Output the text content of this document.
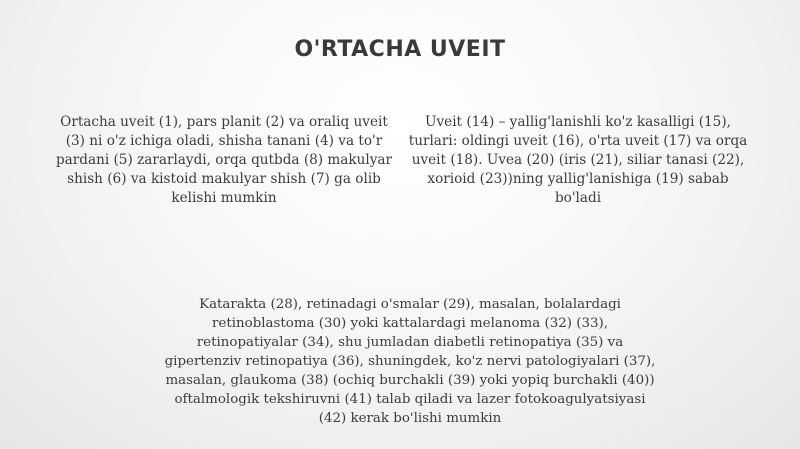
O'RTACHA UVEIT
Ortacha uveit (1), pars planit (2) va oraliq uveit (3) ni o'z ichiga oladi, shisha tanani (4) va to'r pardani (5) zararlaydi, orqa qutbda (8) makulyar shish (6) va kistoid makulyar shish (7) ga olib kelishi mumkin
Uveit (14) – yallig'lanishli ko'z kasalligi (15), turlari: oldingi uveit (16), o'rta uveit (17) va orqa uveit (18). Uvea (20) (iris (21), siliar tanasi (22), xorioid (23))ning yallig'lanishiga (19) sabab bo'ladi
Katarakta (28), retinadagi o'smalar (29), masalan, bolalardagi retinoblastoma (30) yoki kattalardagi melanoma (32) (33), retinopatiyalar (34), shu jumladan diabetli retinopatiya (35) va gipertenziv retinopatiya (36), shuningdek, ko'z nervi patologiyalari (37), masalan, glaukoma (38) (ochiq burchakli (39) yoki yopiq burchakli (40)) oftalmologik tekshiruvni (41) talab qiladi va lazer fotokoagulyatsiyasi (42) kerak bo'lishi mumkin
